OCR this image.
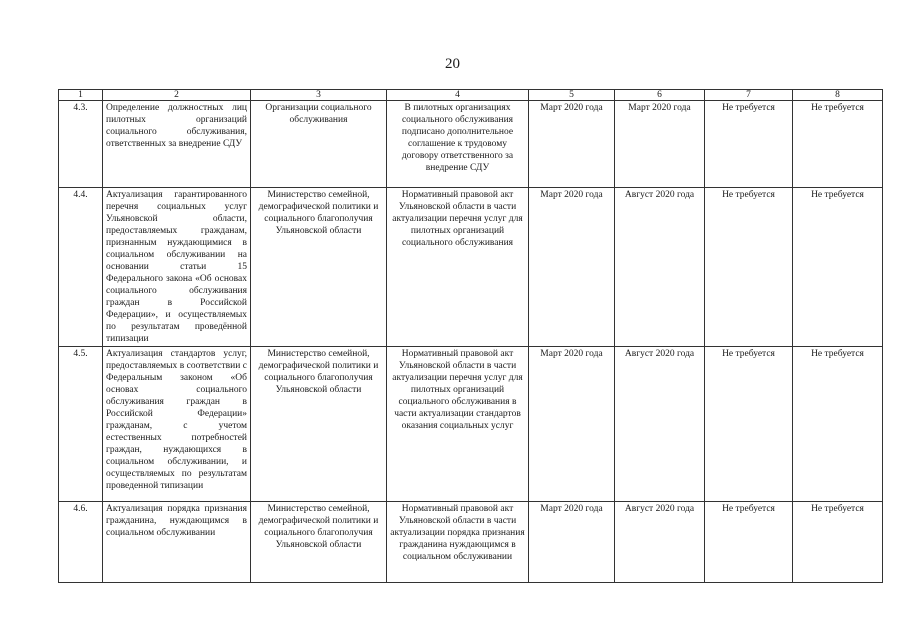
20
1	2	3	4	5	6	7	8
4.3.	Определение должностных лиц пилотных организаций социального обслуживания, ответственных за внедрение СДУ	Организации социального обслуживания	В пилотных организациях социального обслуживания подписано дополнительное соглашение к трудовому договору ответственного за внедрение СДУ	Март 2020 года	Март 2020 года	Не требуется	Не требуется
4.4.	Актуализация гарантированного перечня социальных услуг Ульяновской области, предоставляемых гражданам, признанным нуждающимися в социальном обслуживании на основании статьи 15 Федерального закона «Об основах социального обслуживания граждан в Российской Федерации», и осуществляемых по результатам проведённой типизации	Министерство семейной, демографической политики и социального благополучия Ульяновской области	Нормативный правовой акт Ульяновской области в части актуализации перечня услуг для пилотных организаций социального обслуживания	Март 2020 года	Август 2020 года	Не требуется	Не требуется
4.5.	Актуализация стандартов услуг, предоставляемых в соответствии с Федеральным законом «Об основах социального обслуживания граждан в Российской Федерации» гражданам, с учетом естественных потребностей граждан, нуждающихся в социальном обслуживании, и осуществляемых по результатам проведенной типизации	Министерство семейной, демографической политики и социального благополучия Ульяновской области	Нормативный правовой акт Ульяновской области в части актуализации перечня услуг для пилотных организаций социального обслуживания в части актуализации стандартов оказания социальных услуг	Март 2020 года	Август 2020 года	Не требуется	Не требуется
4.6.	Актуализация порядка признания гражданина, нуждающимся в социальном обслуживании	Министерство семейной, демографической политики и социального благополучия Ульяновской области	Нормативный правовой акт Ульяновской области в части актуализации порядка признания гражданина нуждающимся в социальном обслуживании	Март 2020 года	Август 2020 года	Не требуется	Не требуется
